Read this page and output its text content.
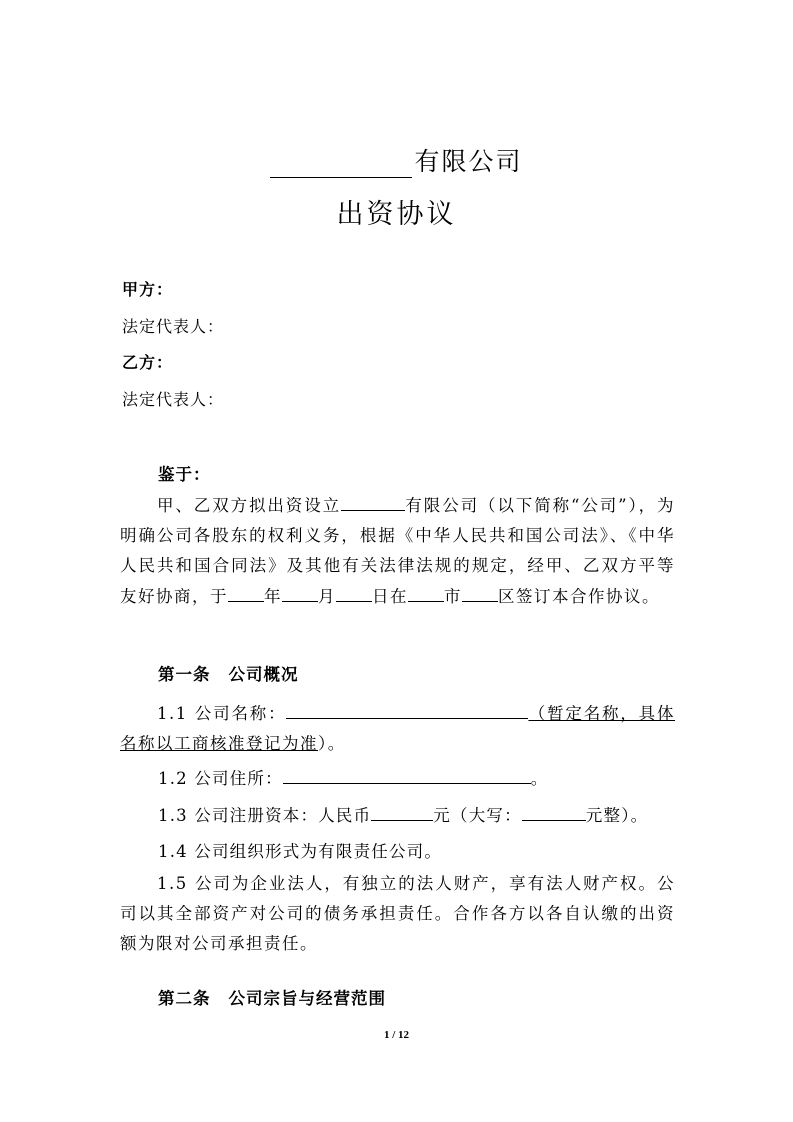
有限公司
出资协议
甲方：
法定代表人：
乙方：
法定代表人：
鉴于：
甲、乙双方拟出资设立	有限公司（以下简称“公司”），为明确公司各股东的权利义务，根据《中华人民共和国公司法》、《中华人民共和国合同法》及其他有关法律法规的规定，经甲、乙双方平等友好协商，于 年 月 日在 市 区签订本合作协议。
第一条 公司概况
1.1 公司名称：	（暂定名称，具体名称以工商核准登记为准）。
1.2 公司住所：	。
1.3 公司注册资本：人民币	元（大写：	元整）。
1.4 公司组织形式为有限责任公司。
1.5 公司为企业法人，有独立的法人财产，享有法人财产权。公司以其全部资产对公司的债务承担责任。合作各方以各自认缴的出资额为限对公司承担责任。
第二条 公司宗旨与经营范围
1 / 12
